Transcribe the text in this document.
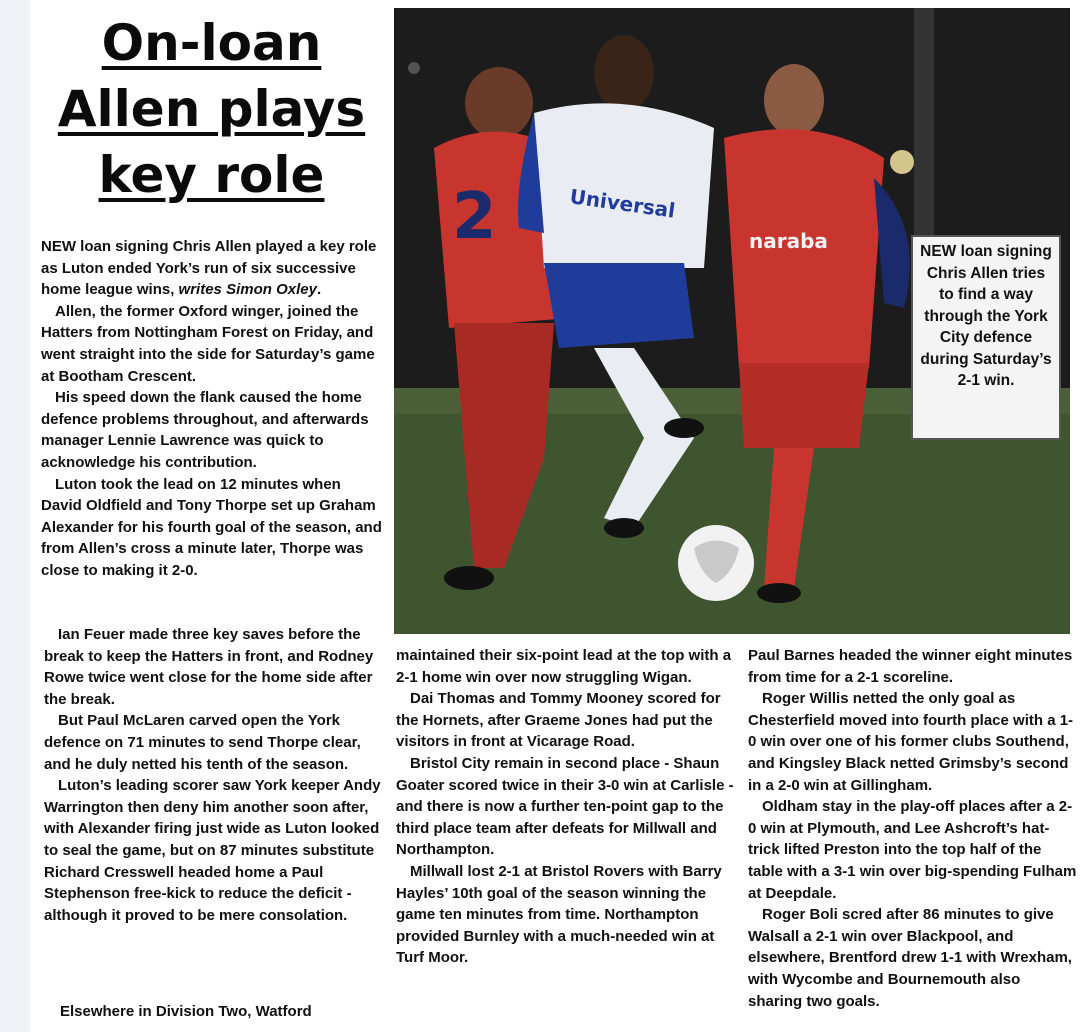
On-loan
Allen plays
key role

NEW loan signing Chris Allen played a key role as Luton ended York’s run of six successive home league wins, writes Simon Oxley.

Allen, the former Oxford winger, joined the Hatters from Nottingham Forest on Friday, and went straight into the side for Saturday’s game at Bootham Crescent.

His speed down the flank caused the home defence problems throughout, and afterwards manager Lennie Lawrence was quick to acknowledge his contribution.

Luton took the lead on 12 minutes when David Oldfield and Tony Thorpe set up Graham Alexander for his fourth goal of the season, and from Allen’s cross a minute later, Thorpe was close to making it 2-0.

Ian Feuer made three key saves before the break to keep the Hatters in front, and Rodney Rowe twice went close for the home side after the break.

But Paul McLaren carved open the York defence on 71 minutes to send Thorpe clear, and he duly netted his tenth of the season.

Luton’s leading scorer saw York keeper Andy Warrington then deny him another soon after, with Alexander firing just wide as Luton looked to seal the game, but on 87 minutes substitute Richard Cresswell headed home a Paul Stephenson free-kick to reduce the deficit - although it proved to be mere consolation.

Elsewhere in Division Two, Watford

2	Universal
naraba	NEW loan signing Chris Allen tries to find a way through the York City defence during Saturday’s 2-1 win.

maintained their six-point lead at the top with a 2-1 home win over now struggling Wigan.

Dai Thomas and Tommy Mooney scored for the Hornets, after Graeme Jones had put the visitors in front at Vicarage Road.

Bristol City remain in second place - Shaun Goater scored twice in their 3-0 win at Carlisle - and there is now a further ten-point gap to the third place team after defeats for Millwall and Northampton.

Millwall lost 2-1 at Bristol Rovers with Barry Hayles’ 10th goal of the season winning the game ten minutes from time. Northampton provided Burnley with a much-needed win at Turf Moor.

Paul Barnes headed the winner eight minutes from time for a 2-1 scoreline.

Roger Willis netted the only goal as Chesterfield moved into fourth place with a 1-0 win over one of his former clubs Southend, and Kingsley Black netted Grimsby’s second in a 2-0 win at Gillingham.

Oldham stay in the play-off places after a 2-0 win at Plymouth, and Lee Ashcroft’s hat-trick lifted Preston into the top half of the table with a 3-1 win over big-spending Fulham at Deepdale.

Roger Boli scred after 86 minutes to give Walsall a 2-1 win over Blackpool, and elsewhere, Brentford drew 1-1 with Wrexham, with Wycombe and Bournemouth also sharing two goals.
